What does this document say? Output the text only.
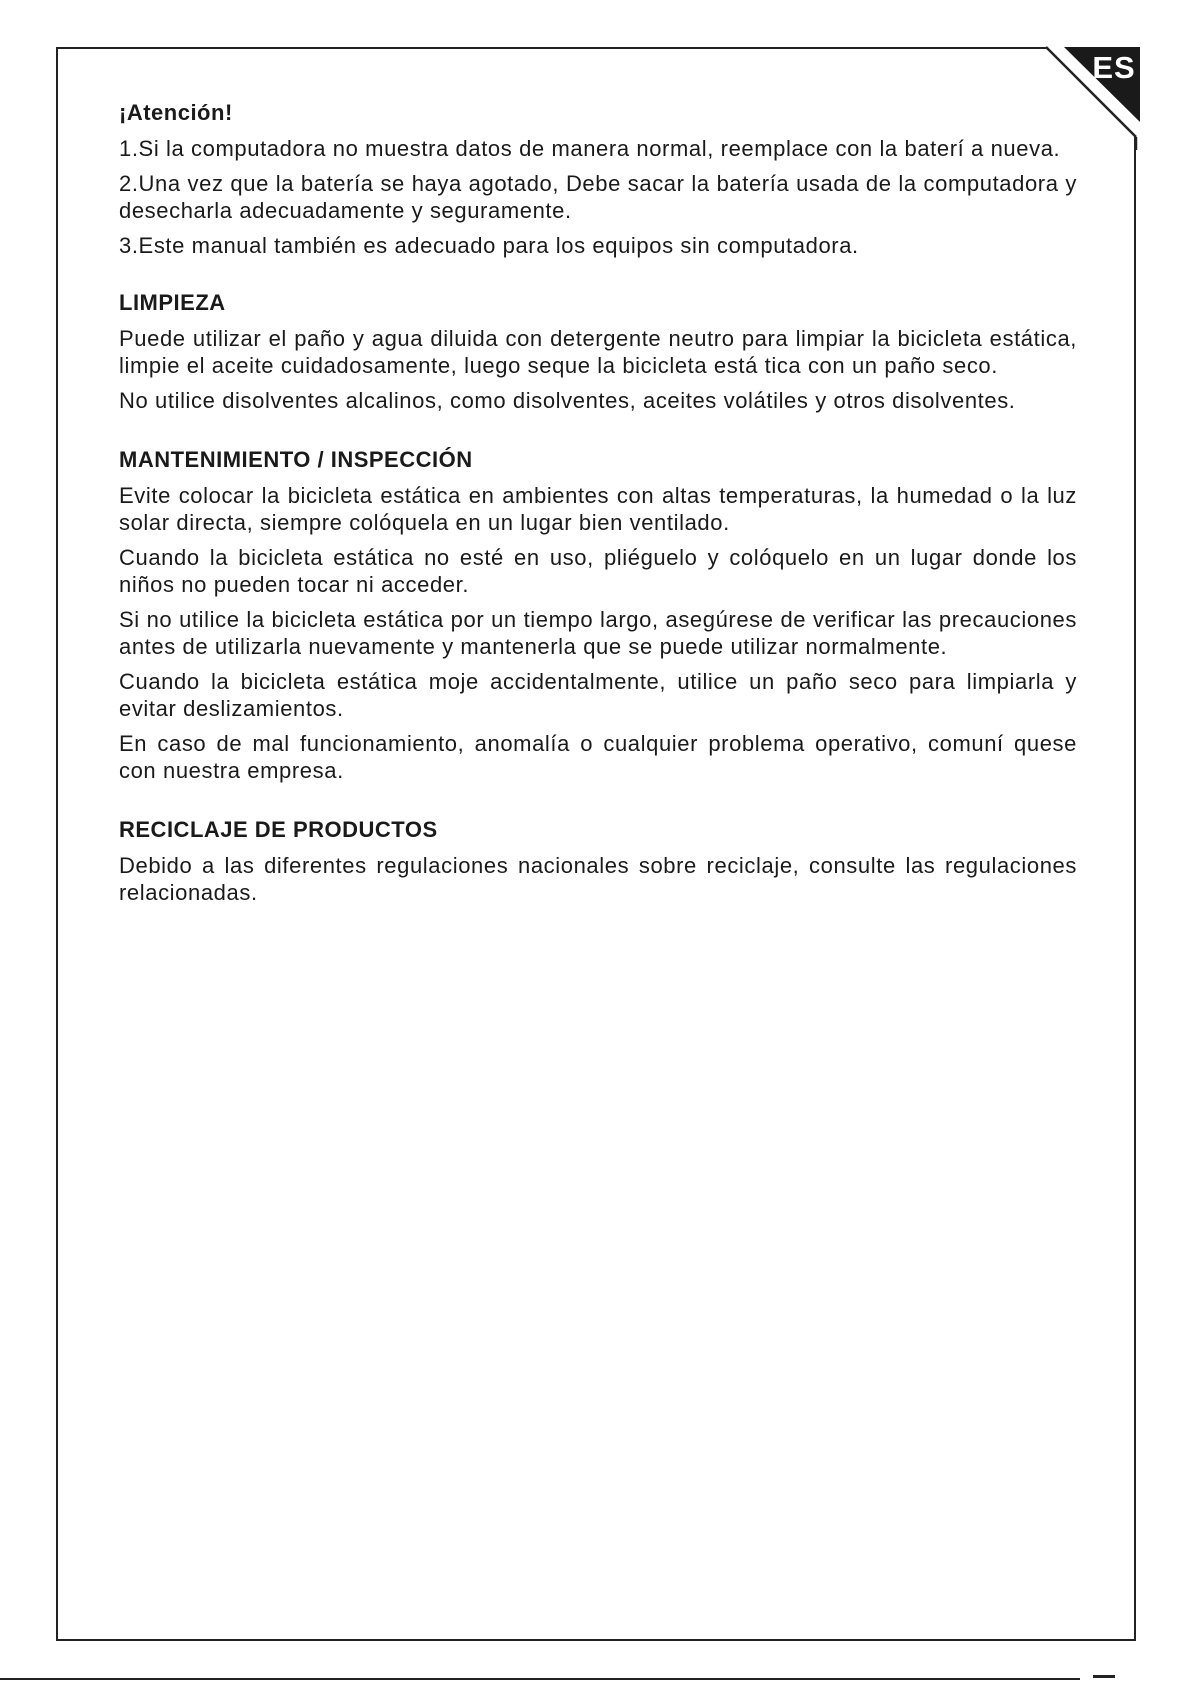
ES
¡Atención!
1.Si la computadora no muestra datos de manera normal, reemplace con la baterí a nueva.
2.Una vez que la batería se haya agotado, Debe sacar la batería usada de la computadora y desecharla adecuadamente y seguramente.
3.Este manual también es adecuado para los equipos sin computadora.
LIMPIEZA
Puede utilizar el paño y agua diluida con detergente neutro para limpiar la bicicleta estática, limpie el aceite cuidadosamente, luego seque la bicicleta está tica con un paño seco.
No utilice disolventes alcalinos, como disolventes, aceites volátiles y otros disolventes.
MANTENIMIENTO / INSPECCIÓN
Evite colocar la bicicleta estática en ambientes con altas temperaturas, la humedad o la luz solar directa, siempre colóquela en un lugar bien ventilado.
Cuando la bicicleta estática no esté en uso, pliéguelo y colóquelo en un lugar donde los niños no pueden tocar ni acceder.
Si no utilice la bicicleta estática por un tiempo largo, asegúrese de verificar las precauciones antes de utilizarla nuevamente y mantenerla que se puede utilizar normalmente.
Cuando la bicicleta estática moje accidentalmente, utilice un paño seco para limpiarla y evitar deslizamientos.
En caso de mal funcionamiento, anomalía o cualquier problema operativo, comuní quese con nuestra empresa.
RECICLAJE DE PRODUCTOS
Debido a las diferentes regulaciones nacionales sobre reciclaje, consulte las regulaciones relacionadas.
